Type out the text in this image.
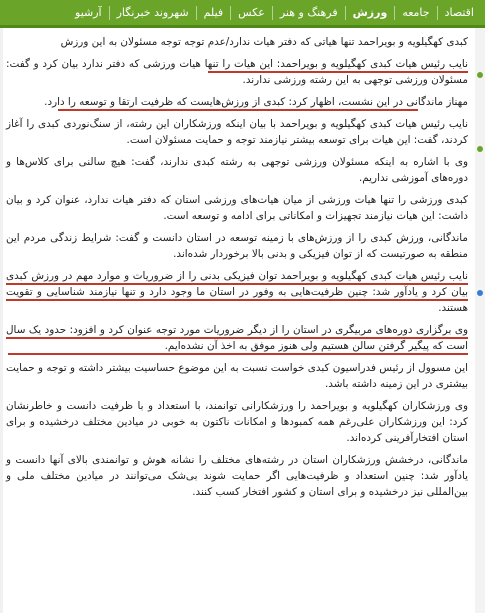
اقتصاد
جامعه
ورزش
فرهنگ و هنر
عکس
فیلم
شهروند خبرنگار
آرشیو

کبدی کهگیلویه و بویراحمد تنها هیاتی که دفتر هیات ندارد/عدم توجه توجه مسئولان به این ورزش

نایب رئیس هیات کبدی کهگیلویه و بویراحمد: این هیات را تنها هیات ورزشی که دفتر ندارد بیان کرد و گفت: مسئولان ورزشی توجهی به این رشته ورزشی ندارند.

مهناز ماندگانی در این نشست، اظهار کرد: کبدی از ورزش‌هایست که ظرفیت ارتقا و توسعه را دارد.

نایب رئیس هیات کبدی کهگیلویه و بویراحمد با بیان اینکه ورزشکاران این رشته، از سنگ‌نوردی کبدی را آغاز کردند، گفت: این هیات برای توسعه بیشتر نیازمند توجه و حمایت مسئولان است.

وی با اشاره به اینکه مسئولان ورزشی توجهی به رشته کبدی ندارند، گفت: هیچ سالنی برای کلاس‌ها و دوره‌های آموزشی نداریم.

کبدی ورزشی را تنها هیات ورزشی از میان هیات‌های ورزشی استان که دفتر هیات ندارد، عنوان کرد و بیان داشت: این هیات نیازمند تجهیزات و امکاناتی برای ادامه و توسعه است.

ماندگانی، ورزش کبدی را از ورزش‌های با زمینه توسعه در استان دانست و گفت: شرایط زندگی مردم این منطقه به صورتیست که از توان فیزیکی و بدنی بالا برخوردار شده‌اند.

نایب رئیس هیات کبدی کهگیلویه و بویراحمد توان فیزیکی بدنی را از ضروریات و موارد مهم در ورزش کبدی بیان کرد و یادآور شد: چنین ظرفیت‌هایی به وفور در استان ما وجود دارد و تنها نیازمند شناسایی و تقویت هستند.

وی برگزاری دوره‌های مربیگری در استان را از دیگر ضروریات مورد توجه عنوان کرد و افزود: حدود یک سال است که پیگیر گرفتن سالن هستیم ولی هنوز موفق به اخذ آن نشده‌ایم.

این مسوول از رئیس فدراسیون کبدی خواست نسبت به این موضوع حساسیت بیشتر داشته و توجه و حمایت بیشتری در این زمینه داشته باشد.

وی ورزشکاران کهگیلویه و بویراحمد را ورزشکارانی توانمند، با استعداد و با ظرفیت دانست و خاطرنشان کرد: این ورزشکاران علی‌رغم همه کمبودها و امکانات ناکتون به خوبی در میادین مختلف درخشیده و برای استان افتخارآفرینی کرده‌اند.

ماندگانی، درخشش ورزشکاران استان در رشته‌های مختلف را نشانه هوش و توانمندی بالای آنها دانست و یادآور شد: چنین استعداد و ظرفیت‌هایی اگر حمایت شوند بی‌شک می‌توانند در میادین مختلف ملی و بین‌المللی نیز درخشیده و برای استان و کشور افتخار کسب کنند.
